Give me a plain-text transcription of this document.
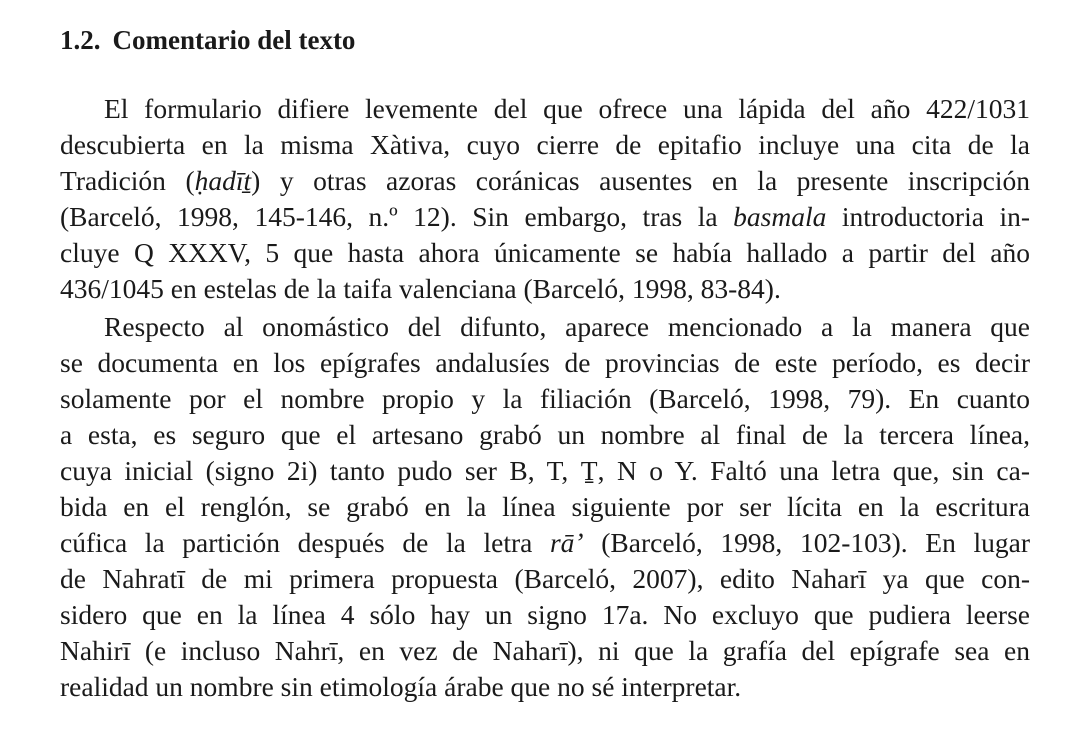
1.2. Comentario del texto
El formulario difiere levemente del que ofrece una lápida del año 422/1031
descubierta en la misma Xàtiva, cuyo cierre de epitafio incluye una cita de la
Tradición (ḥadīṯ) y otras azoras coránicas ausentes en la presente inscripción
(Barceló, 1998, 145-146, n.º 12). Sin embargo, tras la basmala introductoria in-
cluye Q XXXV, 5 que hasta ahora únicamente se había hallado a partir del año
436/1045 en estelas de la taifa valenciana (Barceló, 1998, 83-84).
Respecto al onomástico del difunto, aparece mencionado a la manera que
se documenta en los epígrafes andalusíes de provincias de este período, es decir
solamente por el nombre propio y la filiación (Barceló, 1998, 79). En cuanto
a esta, es seguro que el artesano grabó un nombre al final de la tercera línea,
cuya inicial (signo 2i) tanto pudo ser B, T, Ṯ, N o Y. Faltó una letra que, sin ca-
bida en el renglón, se grabó en la línea siguiente por ser lícita en la escritura
cúfica la partición después de la letra rāʼ (Barceló, 1998, 102-103). En lugar
de Nahratī de mi primera propuesta (Barceló, 2007), edito Naharī ya que con-
sidero que en la línea 4 sólo hay un signo 17a. No excluyo que pudiera leerse
Nahirī (e incluso Nahrī, en vez de Naharī), ni que la grafía del epígrafe sea en
realidad un nombre sin etimología árabe que no sé interpretar.
